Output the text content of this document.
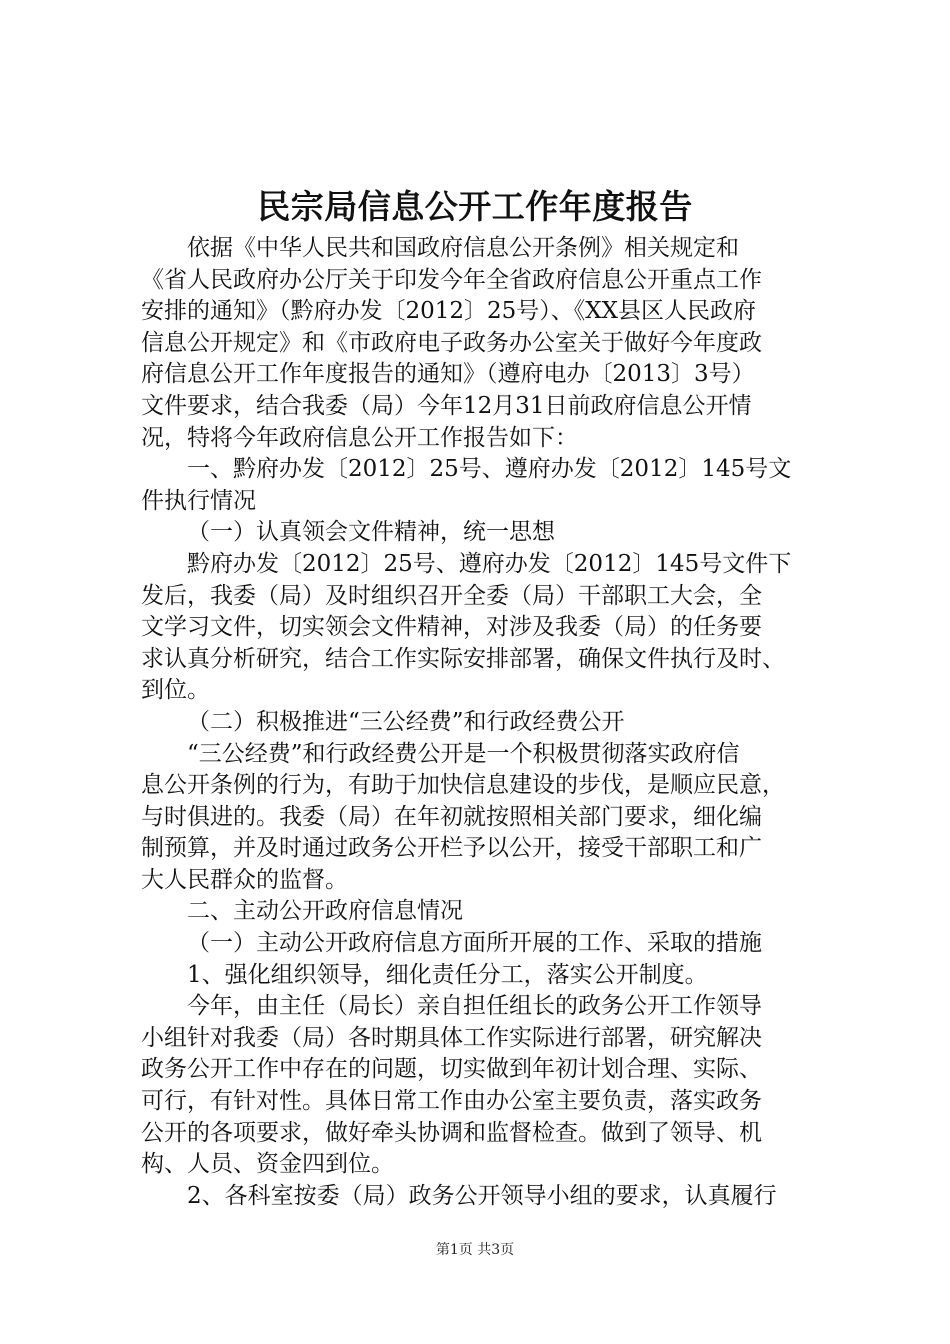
民宗局信息公开工作年度报告
依据《中华人民共和国政府信息公开条例》相关规定和
《省人民政府办公厅关于印发今年全省政府信息公开重点工作
安排的通知》（黔府办发〔2012〕25号）、《XX县区人民政府
信息公开规定》和《市政府电子政务办公室关于做好今年度政
府信息公开工作年度报告的通知》（遵府电办〔2013〕3号）
文件要求，结合我委（局）今年12月31日前政府信息公开情
况，特将今年政府信息公开工作报告如下：
一、黔府办发〔2012〕25号、遵府办发〔2012〕145号文
件执行情况
（一）认真领会文件精神，统一思想
黔府办发〔2012〕25号、遵府办发〔2012〕145号文件下
发后，我委（局）及时组织召开全委（局）干部职工大会，全
文学习文件，切实领会文件精神，对涉及我委（局）的任务要
求认真分析研究，结合工作实际安排部署，确保文件执行及时、
到位。
（二）积极推进“三公经费”和行政经费公开
“三公经费”和行政经费公开是一个积极贯彻落实政府信
息公开条例的行为，有助于加快信息建设的步伐，是顺应民意，
与时俱进的。我委（局）在年初就按照相关部门要求，细化编
制预算，并及时通过政务公开栏予以公开，接受干部职工和广
大人民群众的监督。
二、主动公开政府信息情况
（一）主动公开政府信息方面所开展的工作、采取的措施
1、强化组织领导，细化责任分工，落实公开制度。
今年，由主任（局长）亲自担任组长的政务公开工作领导
小组针对我委（局）各时期具体工作实际进行部署，研究解决
政务公开工作中存在的问题，切实做到年初计划合理、实际、
可行，有针对性。具体日常工作由办公室主要负责，落实政务
公开的各项要求，做好牵头协调和监督检查。做到了领导、机
构、人员、资金四到位。
2、各科室按委（局）政务公开领导小组的要求，认真履行
第1页 共3页
